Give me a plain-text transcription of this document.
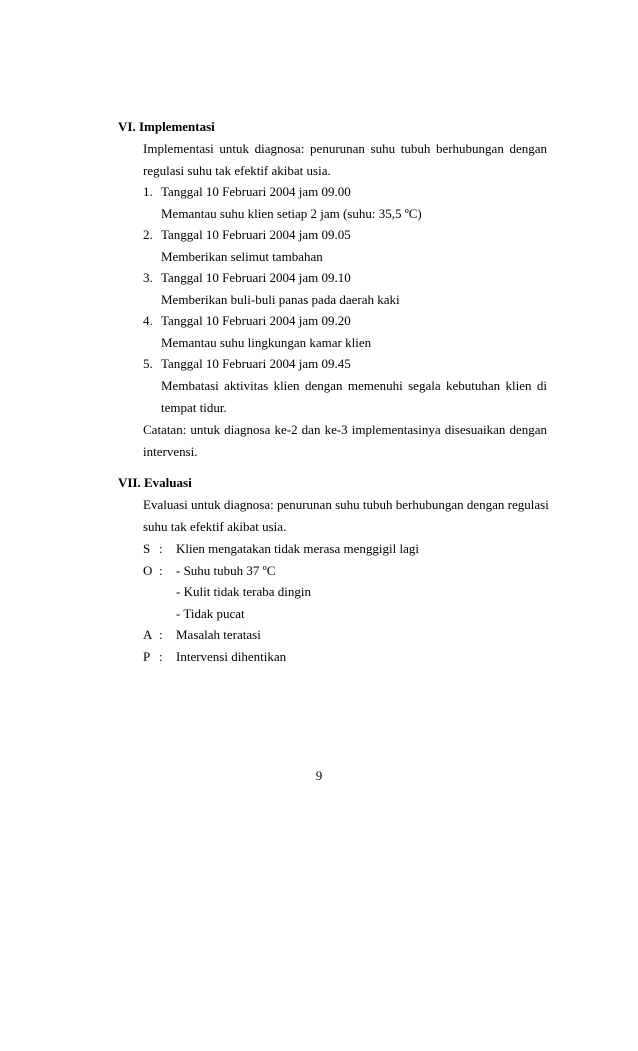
VI. Implementasi
Implementasi untuk diagnosa: penurunan suhu tubuh berhubungan dengan
regulasi suhu tak efektif akibat usia.
1. Tanggal 10 Februari 2004 jam 09.00
Memantau suhu klien setiap 2 jam (suhu: 35,5 ºC)
2. Tanggal 10 Februari 2004 jam 09.05
Memberikan selimut tambahan
3. Tanggal 10 Februari 2004 jam 09.10
Memberikan buli-buli panas pada daerah kaki
4. Tanggal 10 Februari 2004 jam 09.20
Memantau suhu lingkungan kamar klien
5. Tanggal 10 Februari 2004 jam 09.45
Membatasi aktivitas klien dengan memenuhi segala kebutuhan klien di
tempat tidur.
Catatan: untuk diagnosa ke-2 dan ke-3 implementasinya disesuaikan dengan
intervensi.
VII. Evaluasi
Evaluasi untuk diagnosa: penurunan suhu tubuh berhubungan dengan regulasi
suhu tak efektif akibat usia.
S : Klien mengatakan tidak merasa menggigil lagi
O : - Suhu tubuh 37 ºC
- Kulit tidak teraba dingin
- Tidak pucat
A : Masalah teratasi
P : Intervensi dihentikan
9
